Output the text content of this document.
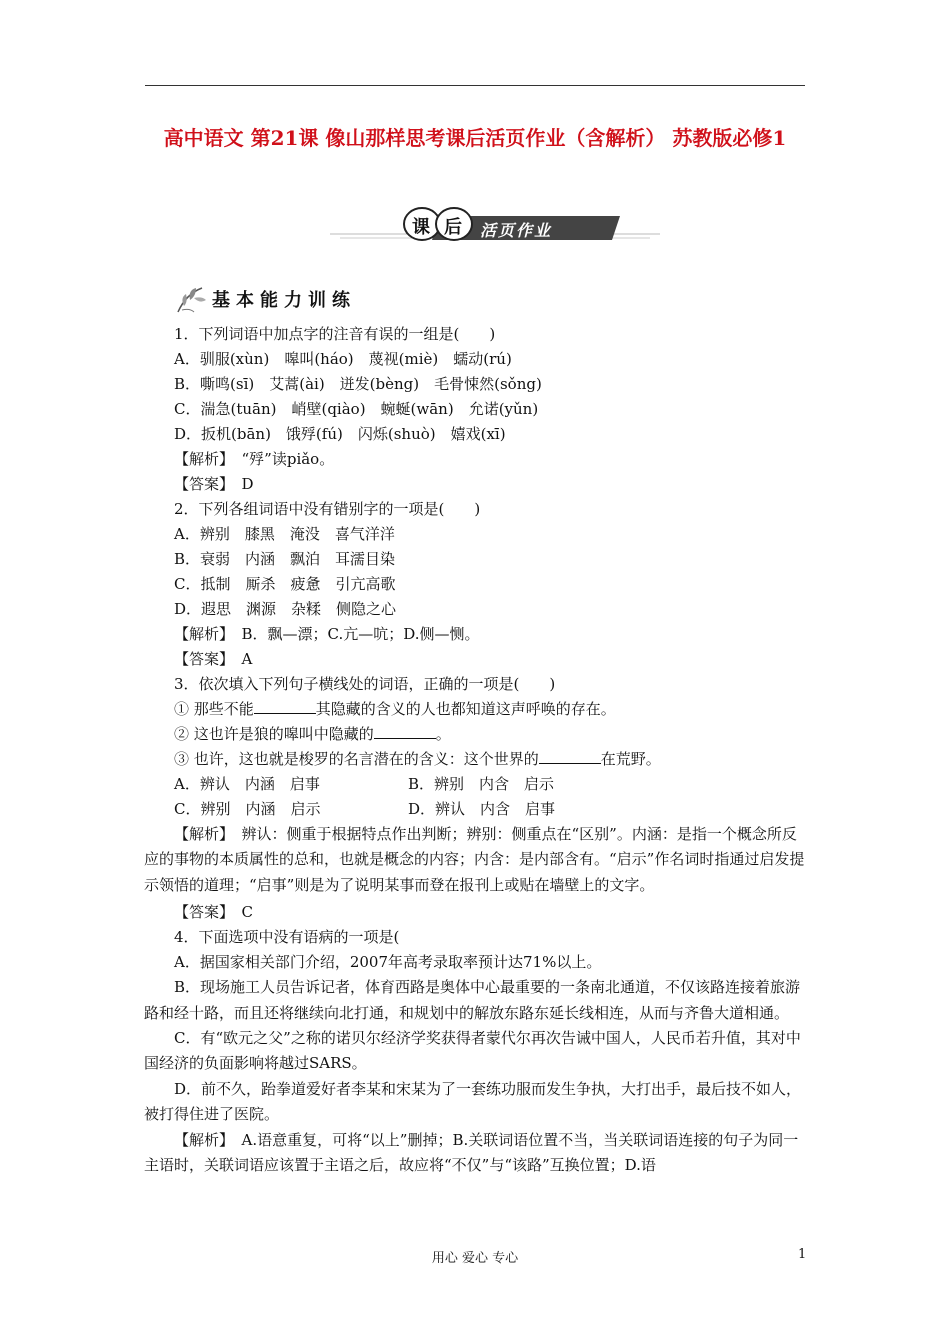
高中语文 第21课 像山那样思考课后活页作业（含解析） 苏教版必修1
课 后 活页作业
基本能力训练
1．下列词语中加点字的注音有误的一组是(　　)
A．驯服(xùn)　嗥叫(háo)　蔑视(miè)　蠕动(rú)
B．嘶鸣(sī)　艾蒿(ài)　迸发(bèng)　毛骨悚然(sǒng)
C．湍急(tuān)　峭壁(qiào)　蜿蜒(wān)　允诺(yǔn)
D．扳机(bān)　饿殍(fú)　闪烁(shuò)　嬉戏(xī)
【解析】　“殍”读piǎo。
【答案】　D
2．下列各组词语中没有错别字的一项是(　　)
A．辨别　膝黑　淹没　喜气洋洋
B．衰弱　内涵　飘泊　耳濡目染
C．抵制　厮杀　疲惫　引亢高歌
D．遐思　渊源　杂糅　侧隐之心
【解析】　B．飘—漂；C.亢—吭；D.侧—恻。
【答案】　A
3．依次填入下列句子横线处的词语，正确的一项是(　　)
① 那些不能	其隐藏的含义的人也都知道这声呼唤的存在。
② 这也许是狼的嗥叫中隐藏的	。
③ 也许，这也就是梭罗的名言潜在的含义：这个世界的	在荒野。
A．辨认　内涵　启事	B．辨别　内含　启示
C．辨别　内涵　启示	D．辨认　内含　启事
【解析】　辨认：侧重于根据特点作出判断；辨别：侧重点在“区别”。内涵：是指一个概念所反应的事物的本质属性的总和，也就是概念的内容；内含：是内部含有。“启示”作名词时指通过启发提示领悟的道理；“启事”则是为了说明某事而登在报刊上或贴在墙壁上的文字。
【答案】　C
4．下面选项中没有语病的一项是(
A．据国家相关部门介绍，2007年高考录取率预计达71%以上。
B．现场施工人员告诉记者，体育西路是奥体中心最重要的一条南北通道，不仅该路连接着旅游路和经十路，而且还将继续向北打通，和规划中的解放东路东延长线相连，从而与齐鲁大道相通。
C．有“欧元之父”之称的诺贝尔经济学奖获得者蒙代尔再次告诫中国人，人民币若升值，其对中国经济的负面影响将越过SARS。
D．前不久，跆拳道爱好者李某和宋某为了一套练功服而发生争执，大打出手，最后技不如人，被打得住进了医院。
【解析】　A.语意重复，可将“以上”删掉；B.关联词语位置不当，当关联词语连接的句子为同一主语时，关联词语应该置于主语之后，故应将“不仅”与“该路”互换位置；D.语
用心 爱心 专心	1
